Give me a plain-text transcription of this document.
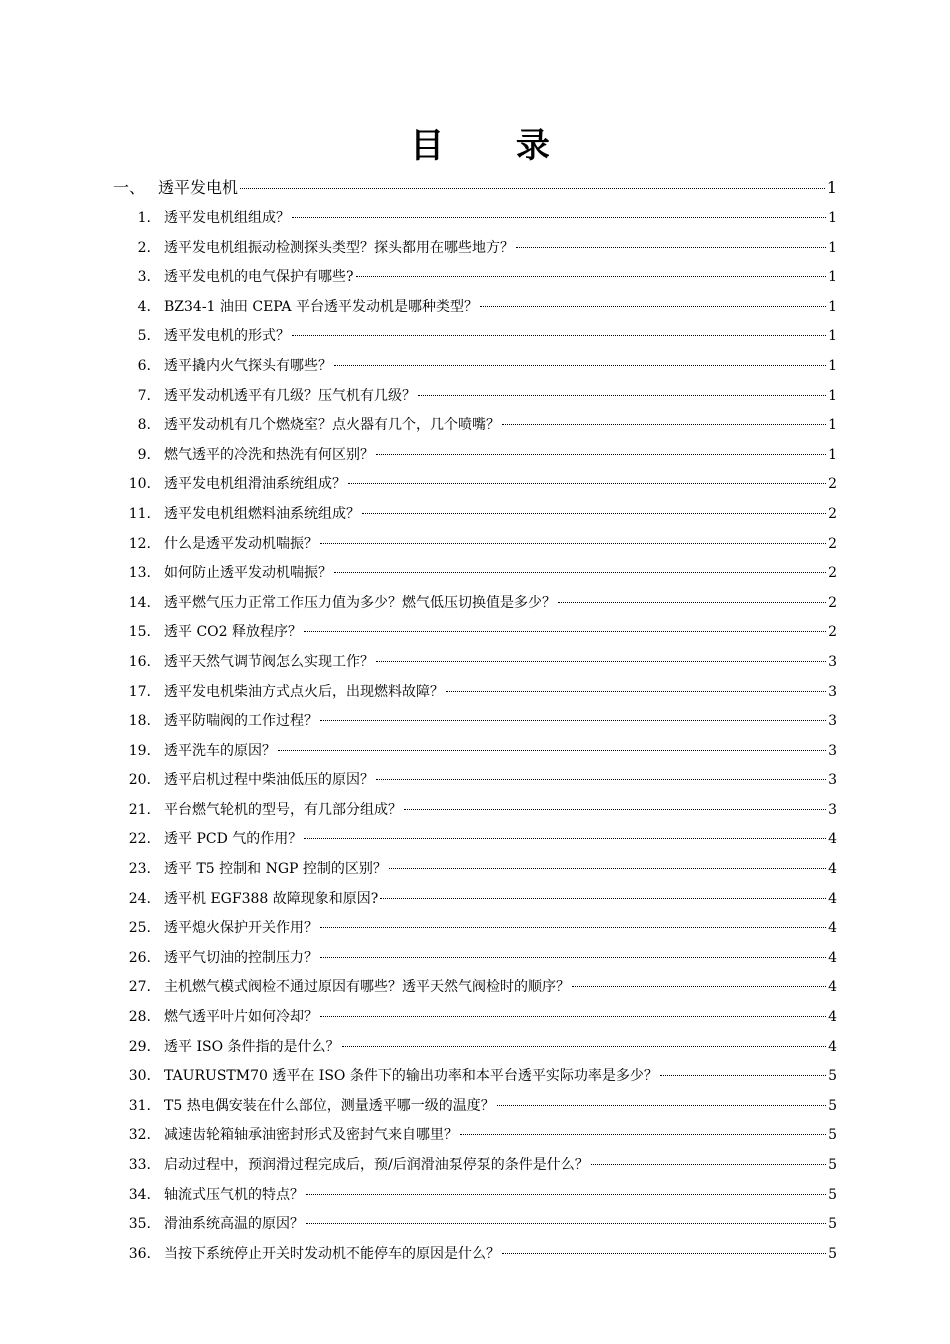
目 录
一、 透平发电机	1
1. 透平发电机组组成？	1
2. 透平发电机组振动检测探头类型？探头都用在哪些地方？	1
3. 透平发电机的电气保护有哪些?	1
4. BZ34-1 油田 CEPA 平台透平发动机是哪种类型？	1
5. 透平发电机的形式？	1
6. 透平撬内火气探头有哪些？	1
7. 透平发动机透平有几级？压气机有几级？	1
8. 透平发动机有几个燃烧室？点火器有几个，几个喷嘴？	1
9. 燃气透平的冷洗和热洗有何区别？	1
10. 透平发电机组滑油系统组成？	2
11. 透平发电机组燃料油系统组成？	2
12. 什么是透平发动机喘振？	2
13. 如何防止透平发动机喘振？	2
14. 透平燃气压力正常工作压力值为多少？燃气低压切换值是多少？	2
15. 透平 CO2 释放程序？	2
16. 透平天然气调节阀怎么实现工作？	3
17. 透平发电机柴油方式点火后，出现燃料故障？	3
18. 透平防喘阀的工作过程？	3
19. 透平洗车的原因？	3
20. 透平启机过程中柴油低压的原因？	3
21. 平台燃气轮机的型号，有几部分组成？	3
22. 透平 PCD 气的作用？	4
23. 透平 T5 控制和 NGP 控制的区别？	4
24. 透平机 EGF388 故障现象和原因?	4
25. 透平熄火保护开关作用？	4
26. 透平气切油的控制压力？	4
27. 主机燃气模式阀检不通过原因有哪些？透平天然气阀检时的顺序？	4
28. 燃气透平叶片如何冷却？	4
29. 透平 ISO 条件指的是什么？	4
30. TAURUSTM70 透平在 ISO 条件下的输出功率和本平台透平实际功率是多少？	5
31. T5 热电偶安装在什么部位，测量透平哪一级的温度？	5
32. 减速齿轮箱轴承油密封形式及密封气来自哪里？	5
33. 启动过程中，预润滑过程完成后，预/后润滑油泵停泵的条件是什么？	5
34. 轴流式压气机的特点？	5
35. 滑油系统高温的原因？	5
36. 当按下系统停止开关时发动机不能停车的原因是什么？	5
